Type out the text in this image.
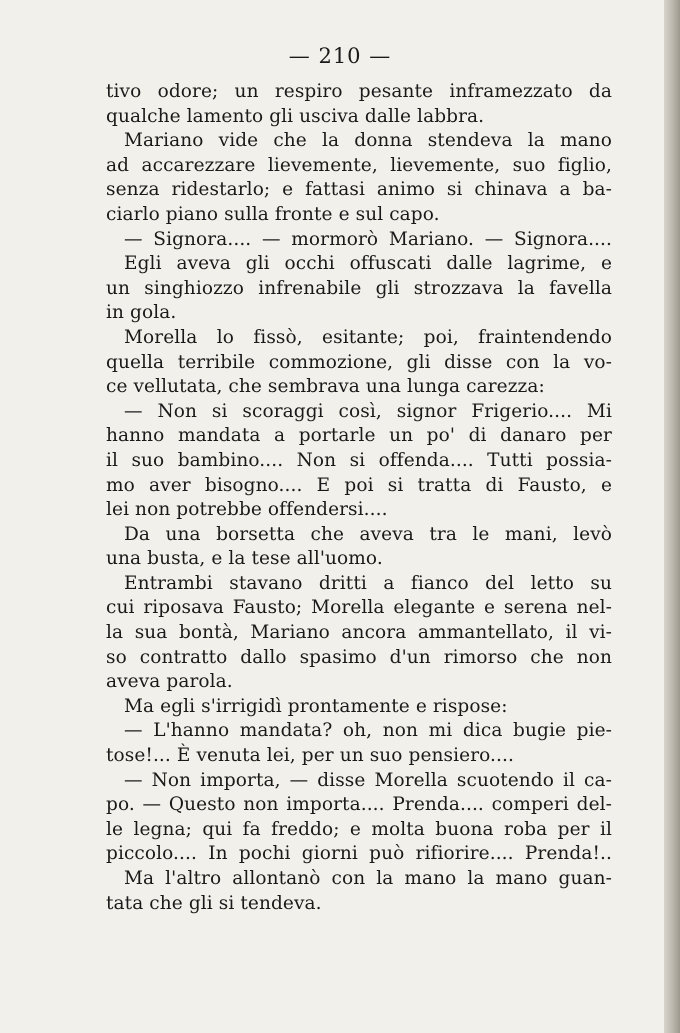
— 210 —
tivo odore; un respiro pesante inframezzato da
qualche lamento gli usciva dalle labbra.
Mariano vide che la donna stendeva la mano
ad accarezzare lievemente, lievemente, suo figlio,
senza ridestarlo; e fattasi animo si chinava a ba-
ciarlo piano sulla fronte e sul capo.
— Signora.... — mormorò Mariano. — Signora....
Egli aveva gli occhi offuscati dalle lagrime, e
un singhiozzo infrenabile gli strozzava la favella
in gola.
Morella lo fissò, esitante; poi, fraintendendo
quella terribile commozione, gli disse con la vo-
ce vellutata, che sembrava una lunga carezza:
— Non si scoraggi così, signor Frigerio.... Mi
hanno mandata a portarle un po' di danaro per
il suo bambino.... Non si offenda.... Tutti possia-
mo aver bisogno.... E poi si tratta di Fausto, e
lei non potrebbe offendersi....
Da una borsetta che aveva tra le mani, levò
una busta, e la tese all'uomo.
Entrambi stavano dritti a fianco del letto su
cui riposava Fausto; Morella elegante e serena nel-
la sua bontà, Mariano ancora ammantellato, il vi-
so contratto dallo spasimo d'un rimorso che non
aveva parola.
Ma egli s'irrigidì prontamente e rispose:
— L'hanno mandata? oh, non mi dica bugie pie-
tose!... È venuta lei, per un suo pensiero....
— Non importa, — disse Morella scuotendo il ca-
po. — Questo non importa.... Prenda.... comperi del-
le legna; qui fa freddo; e molta buona roba per il
piccolo.... In pochi giorni può rifiorire.... Prenda!..
Ma l'altro allontanò con la mano la mano guan-
tata che gli si tendeva.
